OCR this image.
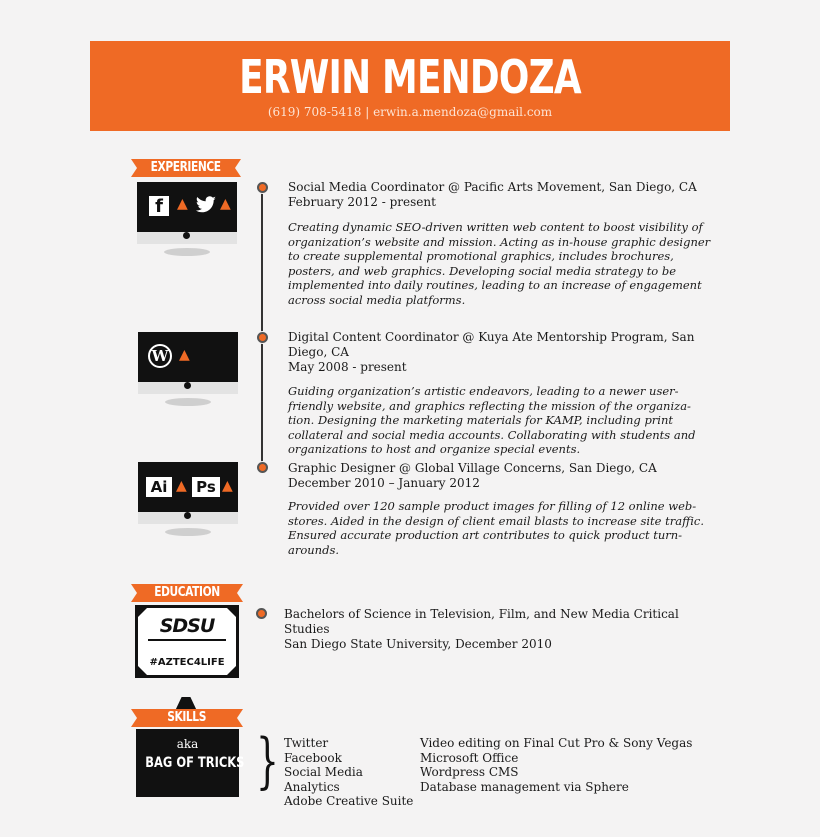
ERWIN MENDOZA
(619) 708-5418 | erwin.a.mendoza@gmail.com
EXPERIENCE
f	▲ ▲
Social Media Coordinator @ Pacific Arts Movement, San Diego, CA
February 2012 - present
Creating dynamic SEO-driven written web content to boost visibility of
organization’s website and mission. Acting as in-house graphic designer
to create supplemental promotional graphics, includes brochures,
posters, and web graphics. Developing social media strategy to be
implemented into daily routines, leading to an increase of engagement
across social media platforms.
W ▲
Digital Content Coordinator @ Kuya Ate Mentorship Program, San Diego, CA
May 2008 - present
Guiding organization’s artistic endeavors, leading to a newer user-
friendly website, and graphics reflecting the mission of the organiza-
tion. Designing the marketing materials for KAMP, including print
collateral and social media accounts. Collaborating with students and
organizations to host and organize special events.
Ai ▲ Ps ▲
Graphic Designer @ Global Village Concerns, San Diego, CA
December 2010 – January 2012
Provided over 120 sample product images for filling of 12 online web-
stores. Aided in the design of client email blasts to increase site traffic.
Ensured accurate production art contributes to quick product turn-
arounds.
EDUCATION
SDSU
#AZTEC4LIFE
Bachelors of Science in Television, Film, and New Media Critical Studies
San Diego State University, December 2010
SKILLS
aka
BAG OF TRICKS } Twitter
Facebook
Social Media Analytics
Adobe Creative Suite
Video editing on Final Cut Pro & Sony Vegas
Microsoft Office
Wordpress CMS
Database management via Sphere
